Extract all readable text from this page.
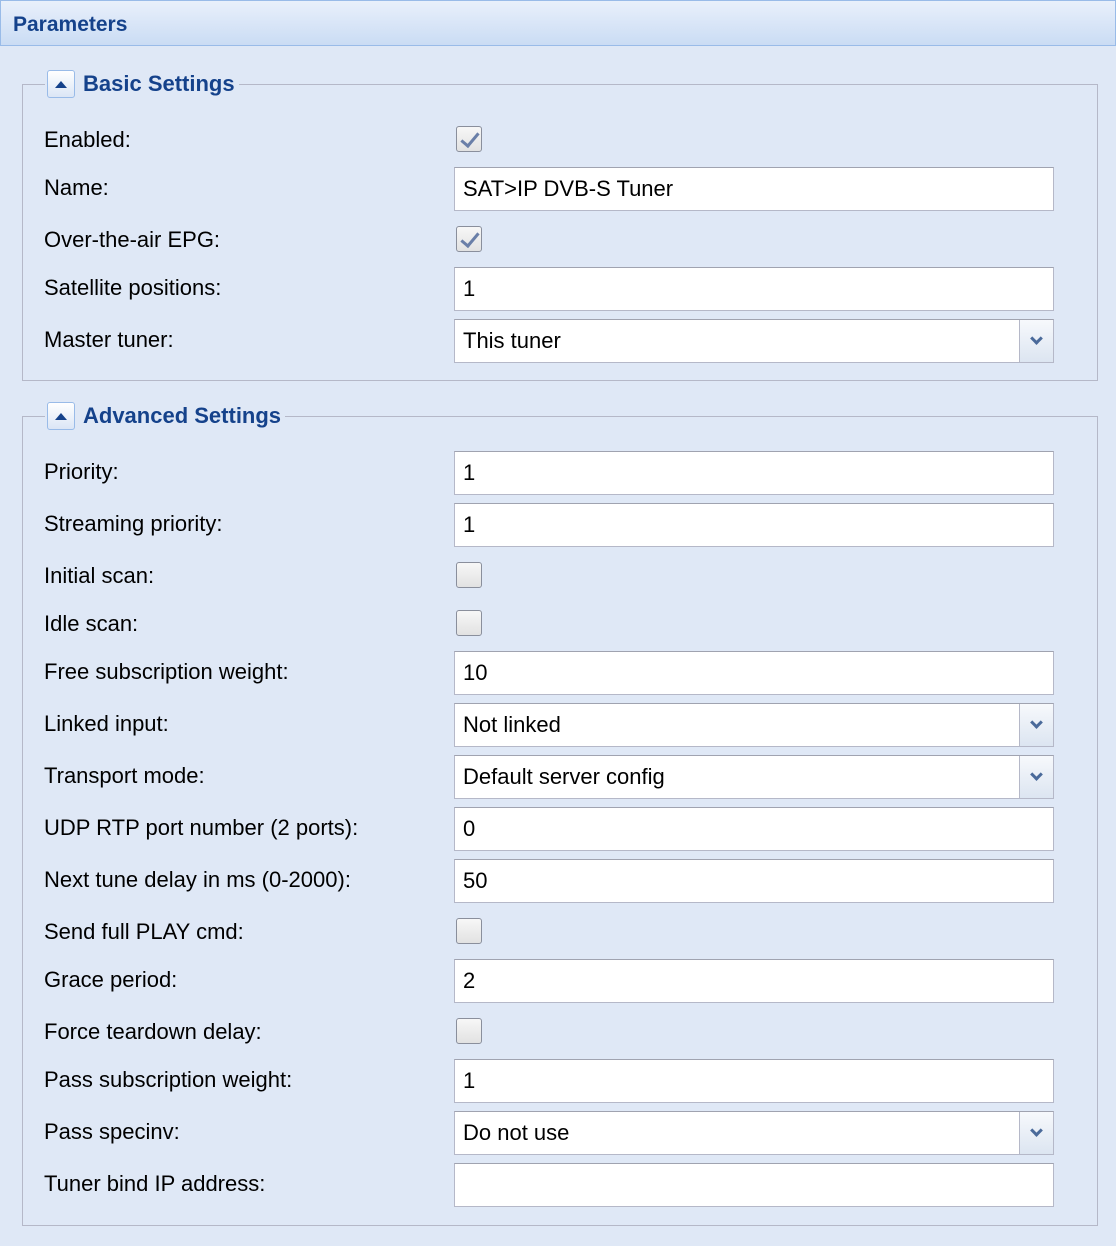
Parameters
Basic Settings
Enabled:
Name:	SAT>IP DVB-S Tuner
Over-the-air EPG:
Satellite positions:	1
Master tuner:	This tuner
Advanced Settings
Priority:	1
Streaming priority:	1
Initial scan:
Idle scan:
Free subscription weight:	10
Linked input:	Not linked
Transport mode:	Default server config
UDP RTP port number (2 ports):	0
Next tune delay in ms (0-2000):	50
Send full PLAY cmd:
Grace period:	2
Force teardown delay:
Pass subscription weight:	1
Pass specinv:	Do not use
Tuner bind IP address:
